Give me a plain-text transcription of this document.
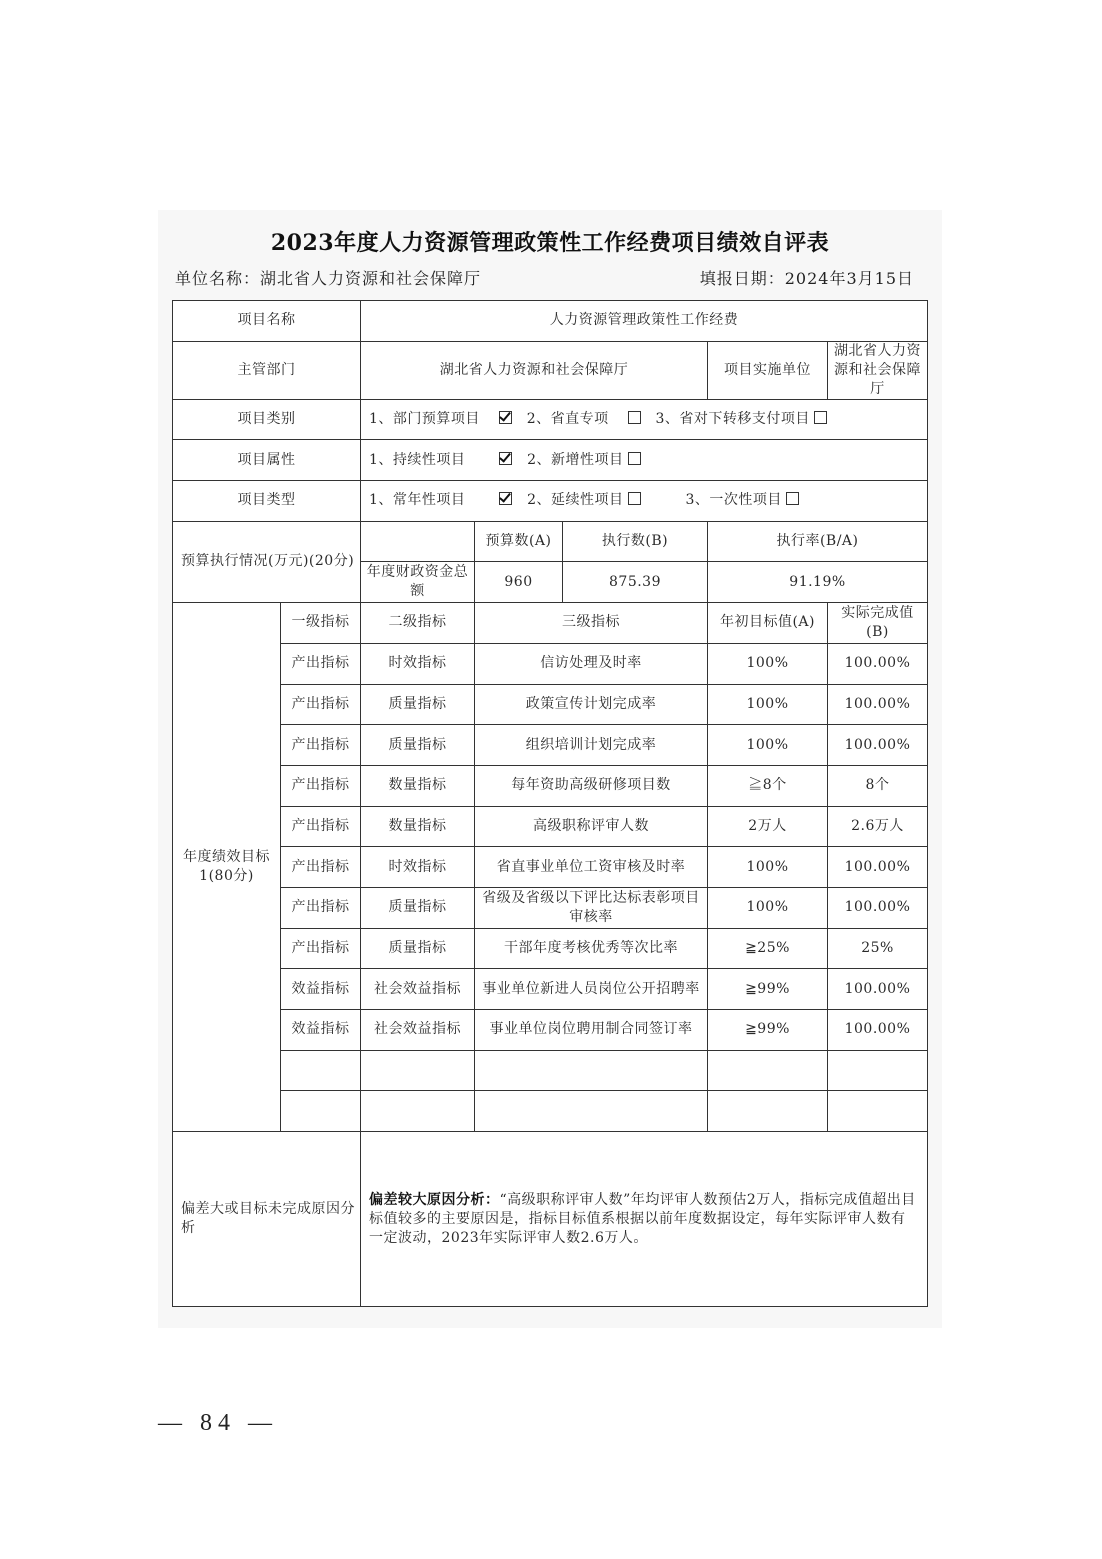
2023年度人力资源管理政策性工作经费项目绩效自评表
单位名称：湖北省人力资源和社会保障厅	填报日期：2024年3月15日
项目名称		人力资源管理政策性工作经费				
主管部门		湖北省人力资源和社会保障厅			项目实施单位	湖北省人力资源和社会保障厅
项目类别		1、部门预算项目 2、省直专项 3、省对下转移支付项目				
项目属性		1、持续性项目 2、新增性项目				
项目类型		1、常年性项目 2、延续性项目 3、一次性项目				
预算执行情况(万元)(20分)			预算数(A)	执行数(B)	执行率(B/A)	
		年度财政资金总额	960	875.39	91.19%	
年度绩效目标1(80分)	一级指标	二级指标	三级指标		年初目标值(A)	实际完成值(B)
	产出指标	时效指标	信访处理及时率		100%	100.00%
	产出指标	质量指标	政策宣传计划完成率		100%	100.00%
	产出指标	质量指标	组织培训计划完成率		100%	100.00%
	产出指标	数量指标	每年资助高级研修项目数		≧8个	8个
	产出指标	数量指标	高级职称评审人数		2万人	2.6万人
	产出指标	时效指标	省直事业单位工资审核及时率		100%	100.00%
	产出指标	质量指标	省级及省级以下评比达标表彰项目审核率		100%	100.00%
	产出指标	质量指标	干部年度考核优秀等次比率		≧25%	25%
	效益指标	社会效益指标	事业单位新进人员岗位公开招聘率		≧99%	100.00%
	效益指标	社会效益指标	事业单位岗位聘用制合同签订率		≧99%	100.00%

偏差大或目标未完成原因分析		偏差较大原因分析：“高级职称评审人数”年均评审人数预估2万人，指标完成值超出目标值较多的主要原因是，指标目标值系根据以前年度数据设定，每年实际评审人数有一定波动，2023年实际评审人数2.6万人。				
— 84 —
